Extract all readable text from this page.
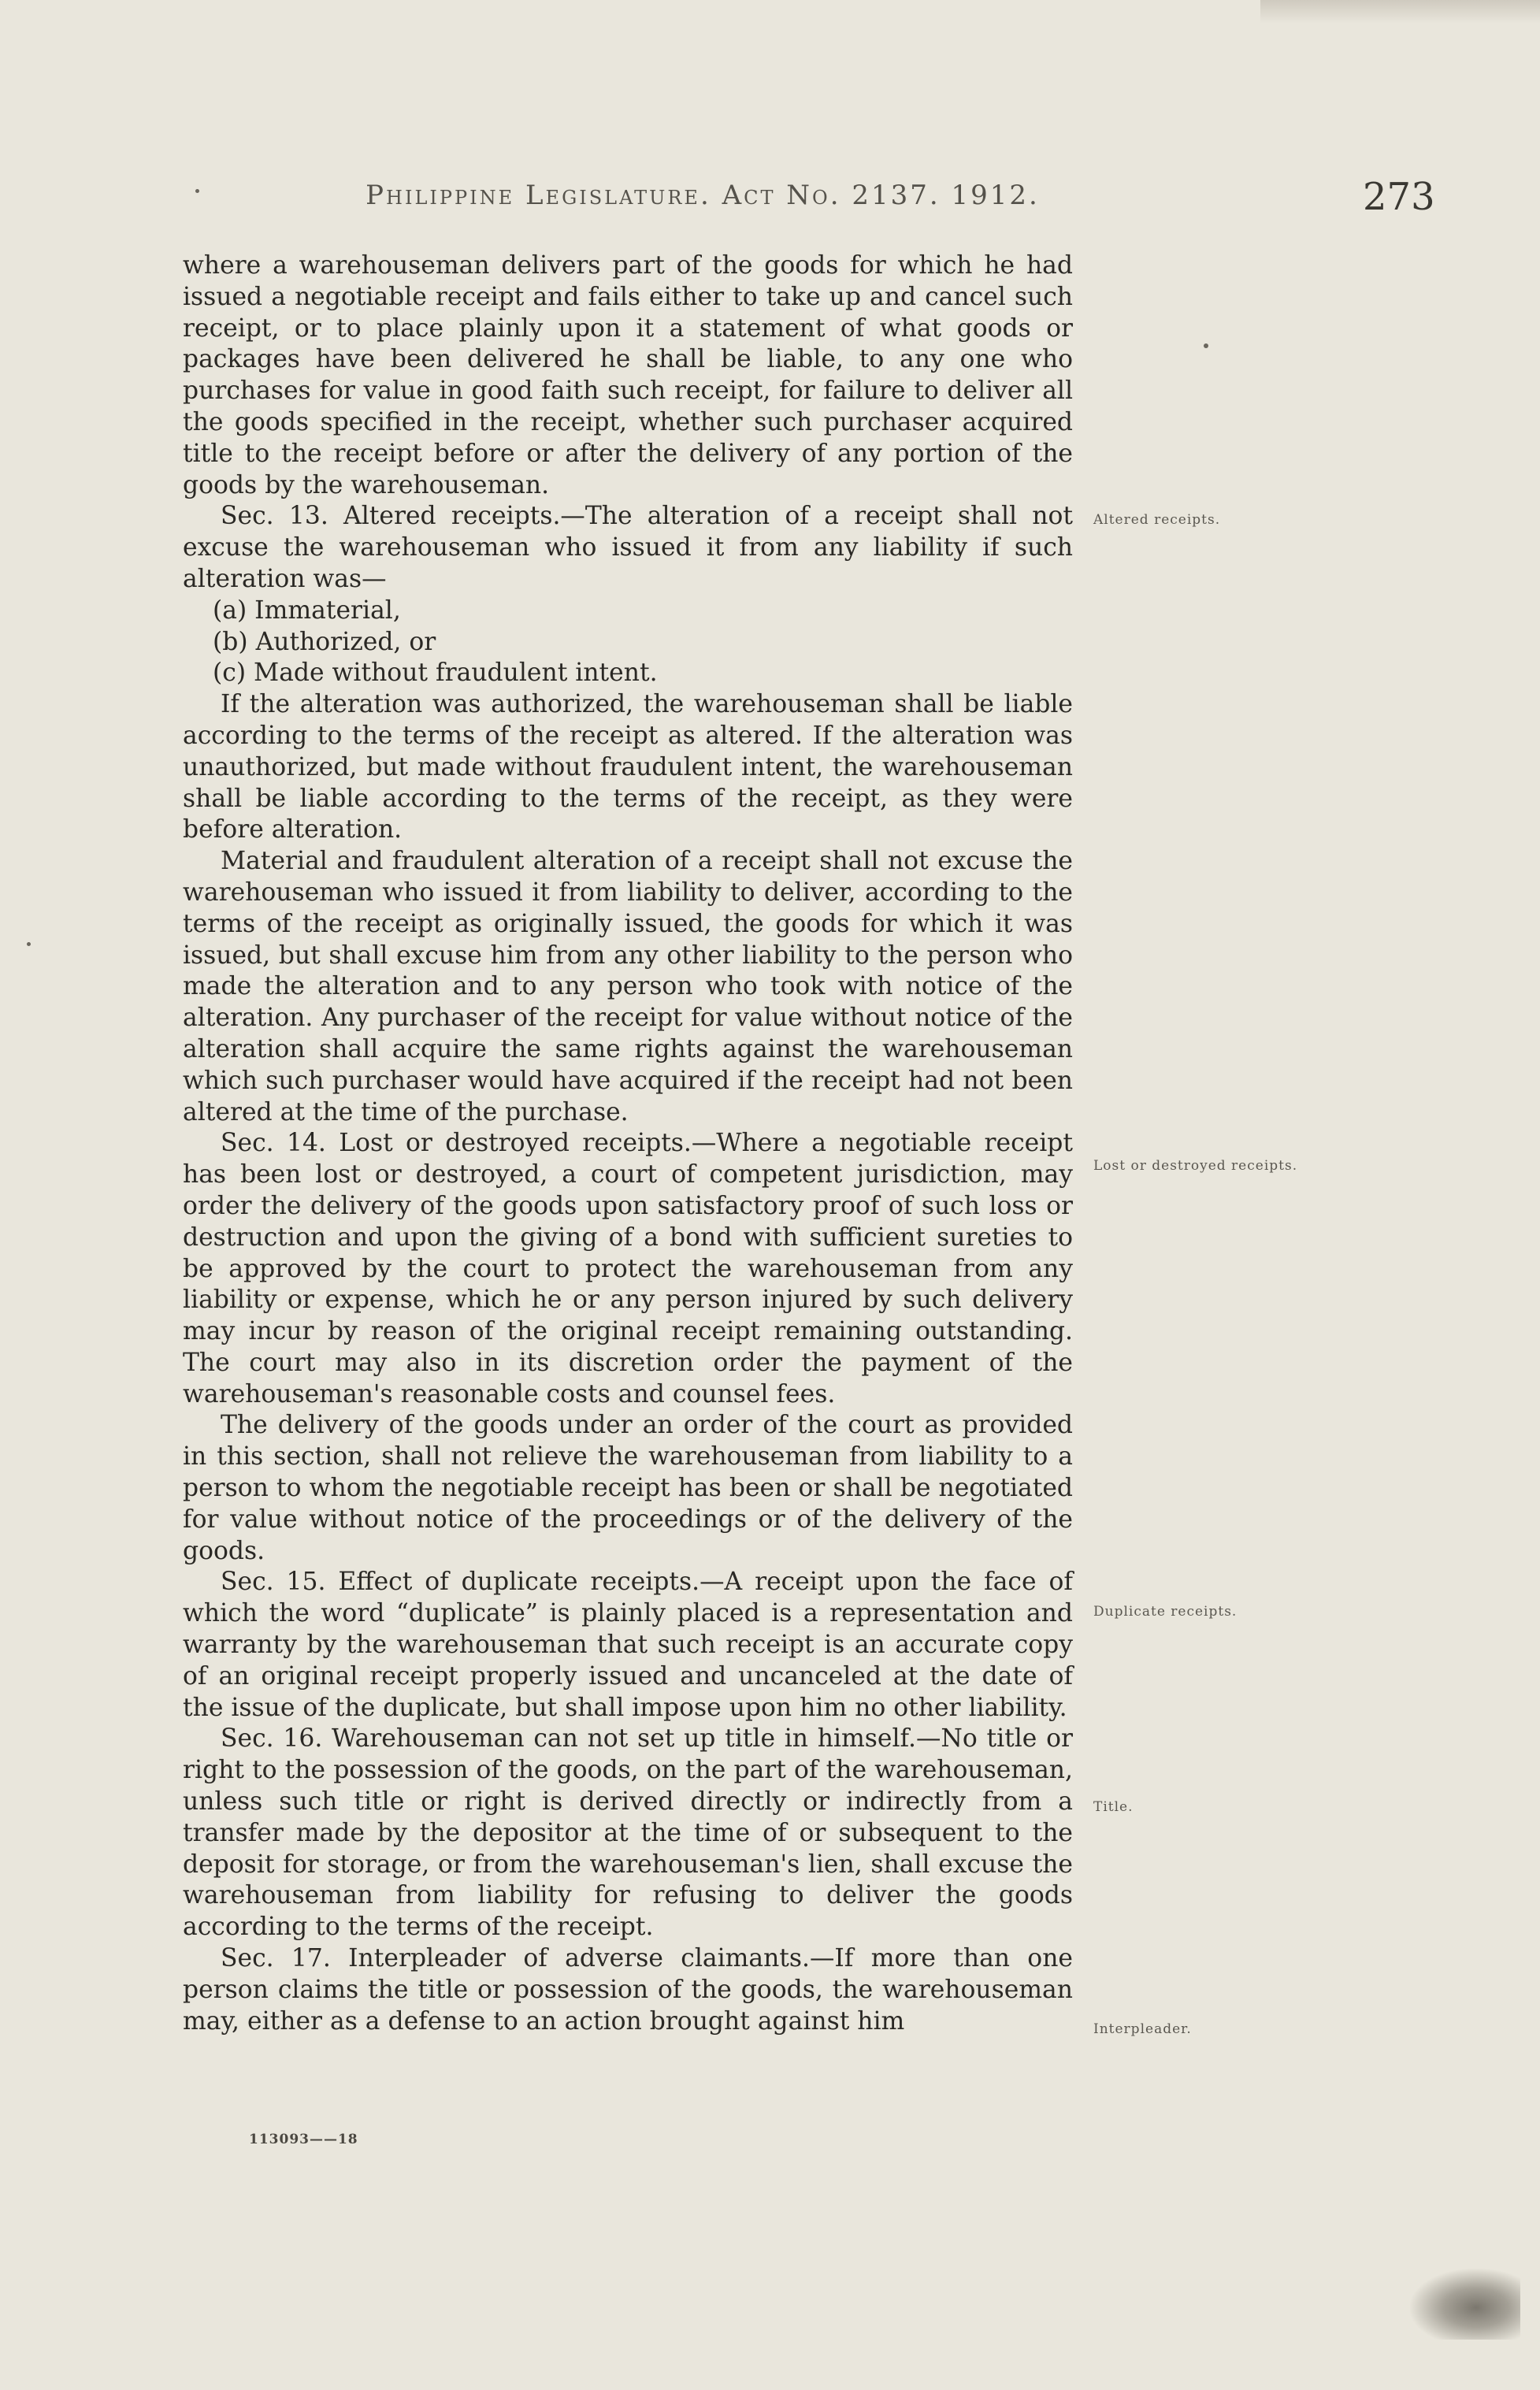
Philippine Legislature. Act No. 2137. 1912.	273

where a warehouseman delivers part of the goods for which he had issued a negotiable receipt and fails either to take up and cancel such receipt, or to place plainly upon it a statement of what goods or packages have been delivered he shall be liable, to any one who purchases for value in good faith such receipt, for failure to deliver all the goods specified in the receipt, whether such purchaser acquired title to the receipt before or after the delivery of any portion of the goods by the warehouseman.

Sec. 13. Altered receipts.—The alteration of a receipt shall not excuse the warehouseman who issued it from any liability if such alteration was—

(a) Immaterial,

(b) Authorized, or

(c) Made without fraudulent intent.

If the alteration was authorized, the warehouseman shall be liable according to the terms of the receipt as altered. If the alteration was unauthorized, but made without fraudulent intent, the warehouseman shall be liable according to the terms of the receipt, as they were before alteration.

Material and fraudulent alteration of a receipt shall not excuse the warehouseman who issued it from liability to deliver, according to the terms of the receipt as originally issued, the goods for which it was issued, but shall excuse him from any other liability to the person who made the alteration and to any person who took with notice of the alteration. Any purchaser of the receipt for value without notice of the alteration shall acquire the same rights against the warehouseman which such purchaser would have acquired if the receipt had not been altered at the time of the purchase.

Sec. 14. Lost or destroyed receipts.—Where a negotiable receipt has been lost or destroyed, a court of competent jurisdiction, may order the delivery of the goods upon satisfactory proof of such loss or destruction and upon the giving of a bond with sufficient sureties to be approved by the court to protect the warehouseman from any liability or expense, which he or any person injured by such delivery may incur by reason of the original receipt remaining outstanding. The court may also in its discretion order the payment of the warehouseman's reasonable costs and counsel fees.

The delivery of the goods under an order of the court as provided in this section, shall not relieve the warehouseman from liability to a person to whom the negotiable receipt has been or shall be negotiated for value without notice of the proceedings or of the delivery of the goods.

Sec. 15. Effect of duplicate receipts.—A receipt upon the face of which the word “duplicate” is plainly placed is a representation and warranty by the warehouseman that such receipt is an accurate copy of an original receipt properly issued and uncanceled at the date of the issue of the duplicate, but shall impose upon him no other liability.

Sec. 16. Warehouseman can not set up title in himself.—No title or right to the possession of the goods, on the part of the warehouseman, unless such title or right is derived directly or indirectly from a transfer made by the depositor at the time of or subsequent to the deposit for storage, or from the warehouseman's lien, shall excuse the warehouseman from liability for refusing to deliver the goods according to the terms of the receipt.

Sec. 17. Interpleader of adverse claimants.—If more than one person claims the title or possession of the goods, the warehouseman may, either as a defense to an action brought against him

Altered receipts.
Lost or destroyed receipts.
Duplicate receipts.
Title.
Interpleader.
113093——18
